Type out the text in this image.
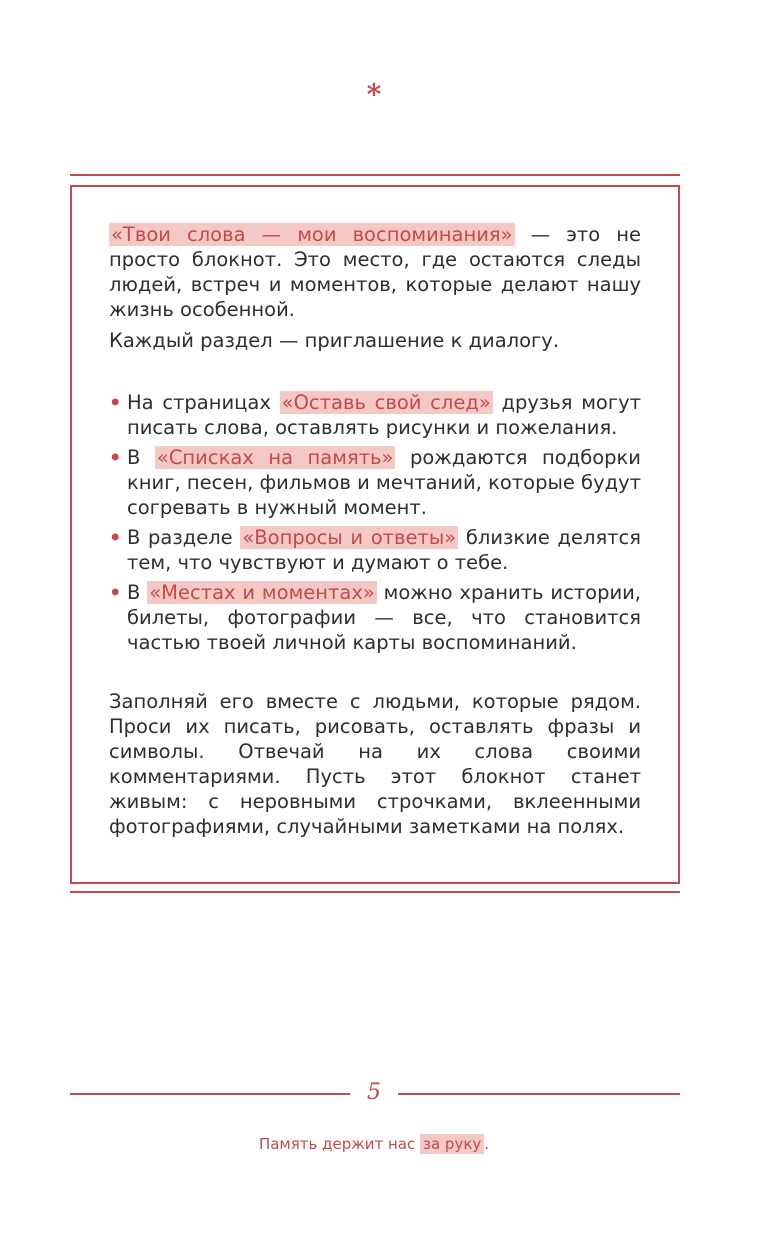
*

«Твои слова — мои воспоминания» — это не просто блокнот. Это место, где остаются следы людей, встреч и моментов, которые делают нашу жизнь особенной.

Каждый раздел — приглашение к диалогу.

• На страницах «Оставь свой след» друзья могут писать слова, оставлять рисунки и пожелания.
• В «Списках на память» рождаются подборки книг, песен, фильмов и мечтаний, которые будут согревать в нужный момент.
• В разделе «Вопросы и ответы» близкие делятся тем, что чувствуют и думают о тебе.
• В «Местах и моментах» можно хранить истории, билеты, фотографии — все, что становится частью твоей личной карты воспоминаний.

Заполняй его вместе с людьми, которые рядом. Проси их писать, рисовать, оставлять фразы и символы. Отвечай на их слова своими комментариями. Пусть этот блокнот станет живым: с неровными строчками, вклеенными фотографиями, случайными заметками на полях.

5
Память держит нас за руку .
